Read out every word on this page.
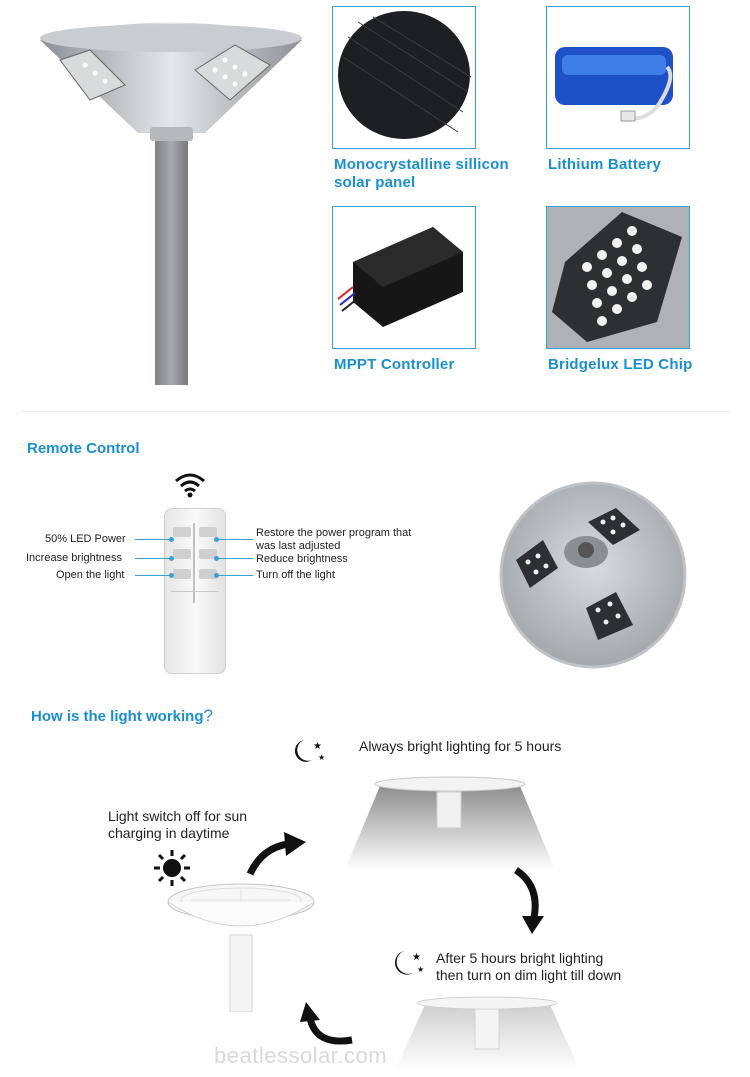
Monocrystalline sillicon
solar panel
Lithium Battery
MPPT Controller	Bridgelux LED Chip
Remote Control
50% LED Power
Increase brightness
Open the light
Restore the power program that
was last adjusted
Reduce brightness
Turn off the light
How is the light working?
★
★
Always bright lighting for 5 hours
★
★
After 5 hours bright lighting
then turn on dim light till down
Light switch off for sun
charging in daytime
beatlessolar.com
